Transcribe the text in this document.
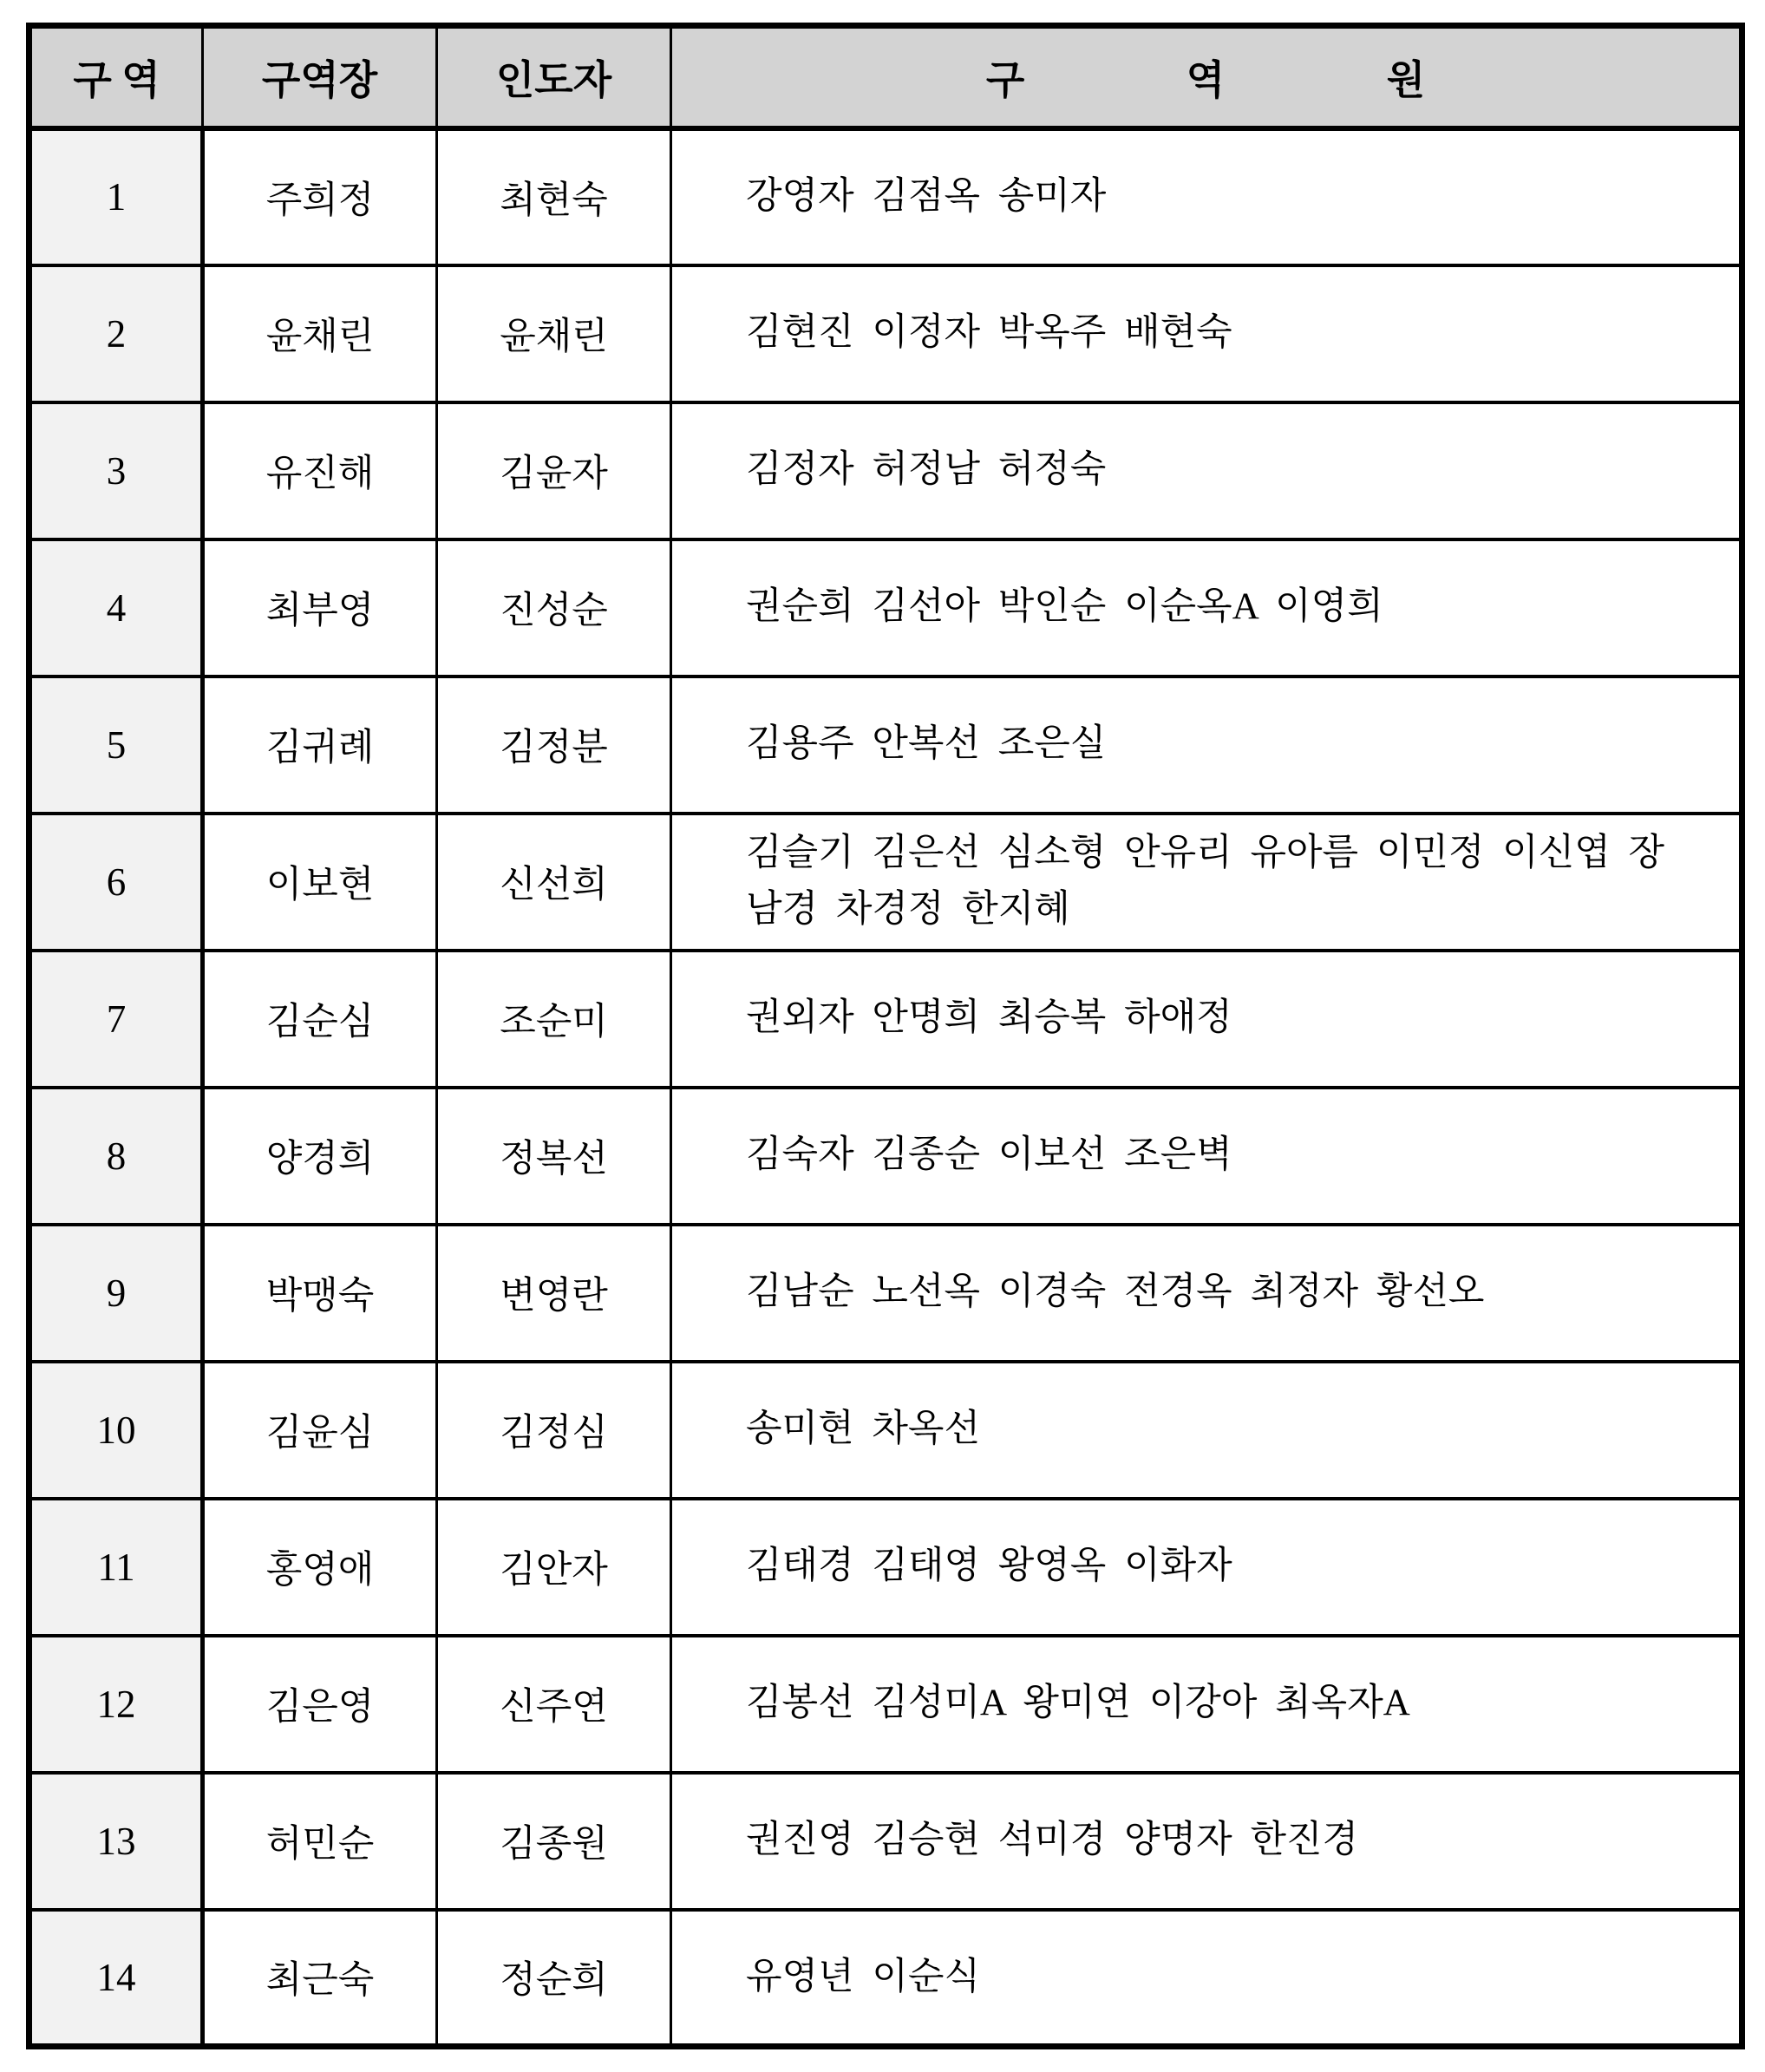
구 역	구역장	인도자	구 역 원
1	주희정	최현숙	강영자 김점옥 송미자
2	윤채린	윤채린	김현진 이정자 박옥주 배현숙
3	유진해	김윤자	김정자 허정남 허정숙
4	최부영	진성순	권순희 김선아 박인순 이순옥A 이영희
5	김귀례	김정분	김용주 안복선 조은실
6	이보현	신선희	김슬기 김은선 심소형 안유리 유아름 이민정 이신엽 장남경 차경정 한지혜
7	김순심	조순미	권외자 안명희 최승복 하애정
8	양경희	정복선	김숙자 김종순 이보선 조은벽
9	박맹숙	변영란	김남순 노선옥 이경숙 전경옥 최정자 황선오
10	김윤심	김정심	송미현 차옥선
11	홍영애	김안자	김태경 김태영 왕영옥 이화자
12	김은영	신주연	김봉선 김성미A 왕미연 이강아 최옥자A
13	허민순	김종원	권진영 김승현 석미경 양명자 한진경
14	최근숙	정순희	유영년 이순식
